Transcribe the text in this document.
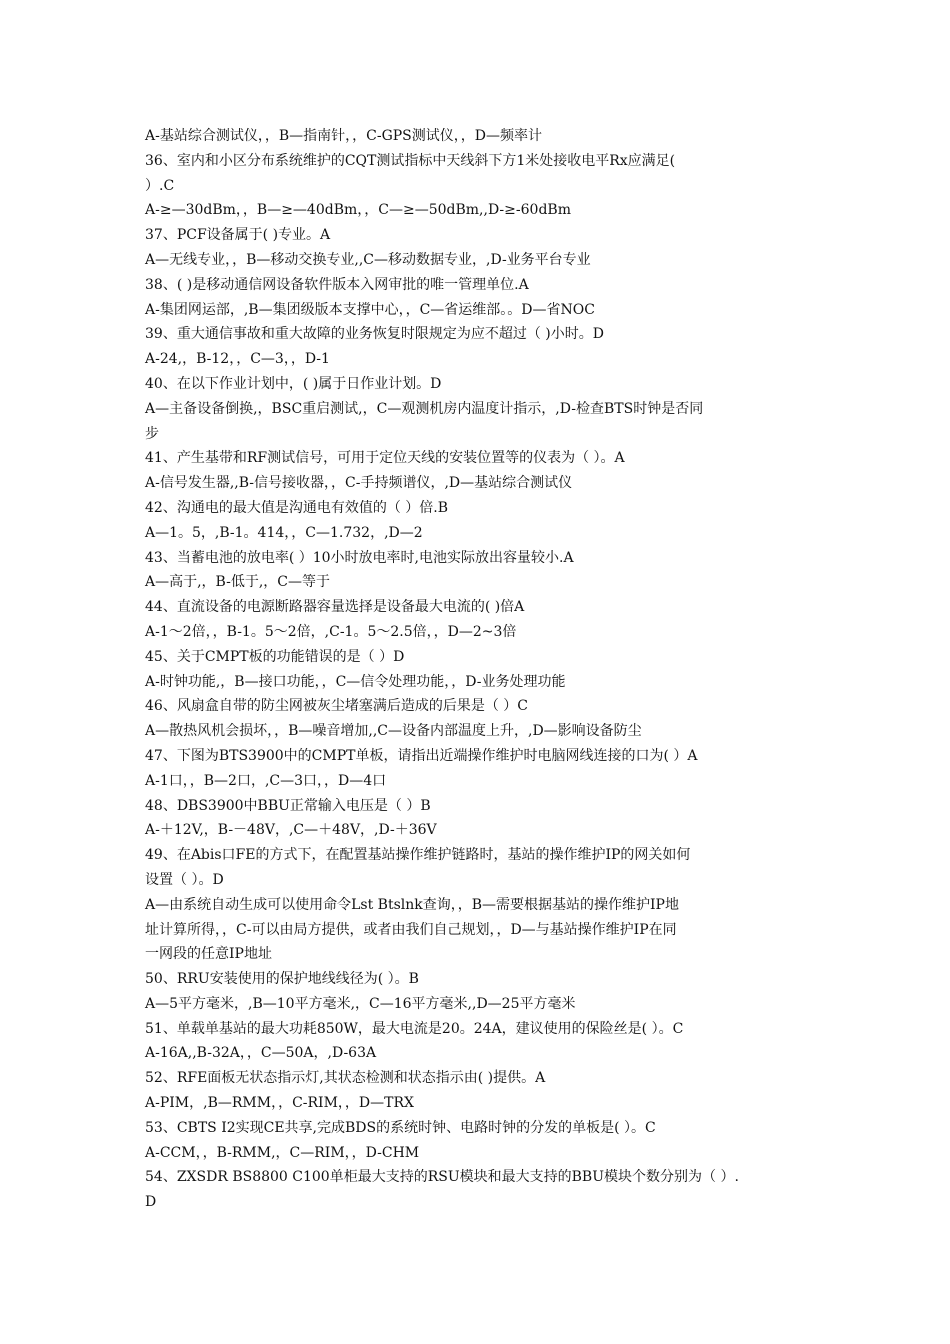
A-基站综合测试仪，，B—指南针，，C-GPS测试仪，，D—频率计
36、室内和小区分布系统维护的CQT测试指标中天线斜下方1米处接收电平Rx应满足(
）.C
A-≥—30dBm，，B—≥—40dBm，，C—≥—50dBm,,D-≥-60dBm
37、PCF设备属于( )专业。A
A—无线专业，，B—移动交换专业,,C—移动数据专业，,D-业务平台专业
38、( )是移动通信网设备软件版本入网审批的唯一管理单位.A
A-集团网运部，,B—集团级版本支撑中心，，C—省运维部。。D—省NOC
39、重大通信事故和重大故障的业务恢复时限规定为应不超过（ )小时。D
A-24,，B-12，，C—3，，D-1
40、在以下作业计划中，( )属于日作业计划。D
A—主备设备倒换,，BSC重启测试,，C—观测机房内温度计指示，,D-检查BTS时钟是否同
步
41、产生基带和RF测试信号，可用于定位天线的安装位置等的仪表为（ ）。A
A-信号发生器,,B-信号接收器，，C-手持频谱仪，,D—基站综合测试仪
42、沟通电的最大值是沟通电有效值的（ ）倍.B
A—1。5，,B-1。414，，C—1.732，,D—2
43、当蓄电池的放电率( ）10小时放电率时,电池实际放出容量较小.A
A—高于,，B-低于,，C—等于
44、直流设备的电源断路器容量选择是设备最大电流的( )倍A
A-1～2倍，，B-1。5～2倍，,C-1。5～2.5倍，，D—2~3倍
45、关于CMPT板的功能错误的是（ ）D
A-时钟功能,，B—接口功能，，C—信令处理功能，，D-业务处理功能
46、风扇盒自带的防尘网被灰尘堵塞满后造成的后果是（ ）C
A—散热风机会损坏，，B—噪音增加,,C—设备内部温度上升，,D—影响设备防尘
47、下图为BTS3900中的CMPT单板，请指出近端操作维护时电脑网线连接的口为( ）A
A-1口，，B—2口，,C—3口，，D—4口
48、DBS3900中BBU正常输入电压是（ ）B
A-＋12V,，B-－48V，,C—＋48V，,D-＋36V
49、在Abis口FE的方式下，在配置基站操作维护链路时，基站的操作维护IP的网关如何
设置（ ）。D
A—由系统自动生成可以使用命令Lst Btslnk查询，，B—需要根据基站的操作维护IP地
址计算所得，，C-可以由局方提供，或者由我们自己规划，，D—与基站操作维护IP在同
一网段的任意IP地址
50、RRU安装使用的保护地线线径为( ）。B
A—5平方毫米，,B—10平方毫米,，C—16平方毫米,,D—25平方毫米
51、单载单基站的最大功耗850W，最大电流是20。24A，建议使用的保险丝是( ）。C
A-16A,,B-32A，，C—50A，,D-63A
52、RFE面板无状态指示灯,其状态检测和状态指示由( )提供。A
A-PIM，,B—RMM，，C-RIM，，D—TRX
53、CBTS I2实现CE共享,完成BDS的系统时钟、电路时钟的分发的单板是( ）。C
A-CCM，，B-RMM,，C—RIM，，D-CHM
54、ZXSDR BS8800 C100单柜最大支持的RSU模块和最大支持的BBU模块个数分别为（ ）.
D
